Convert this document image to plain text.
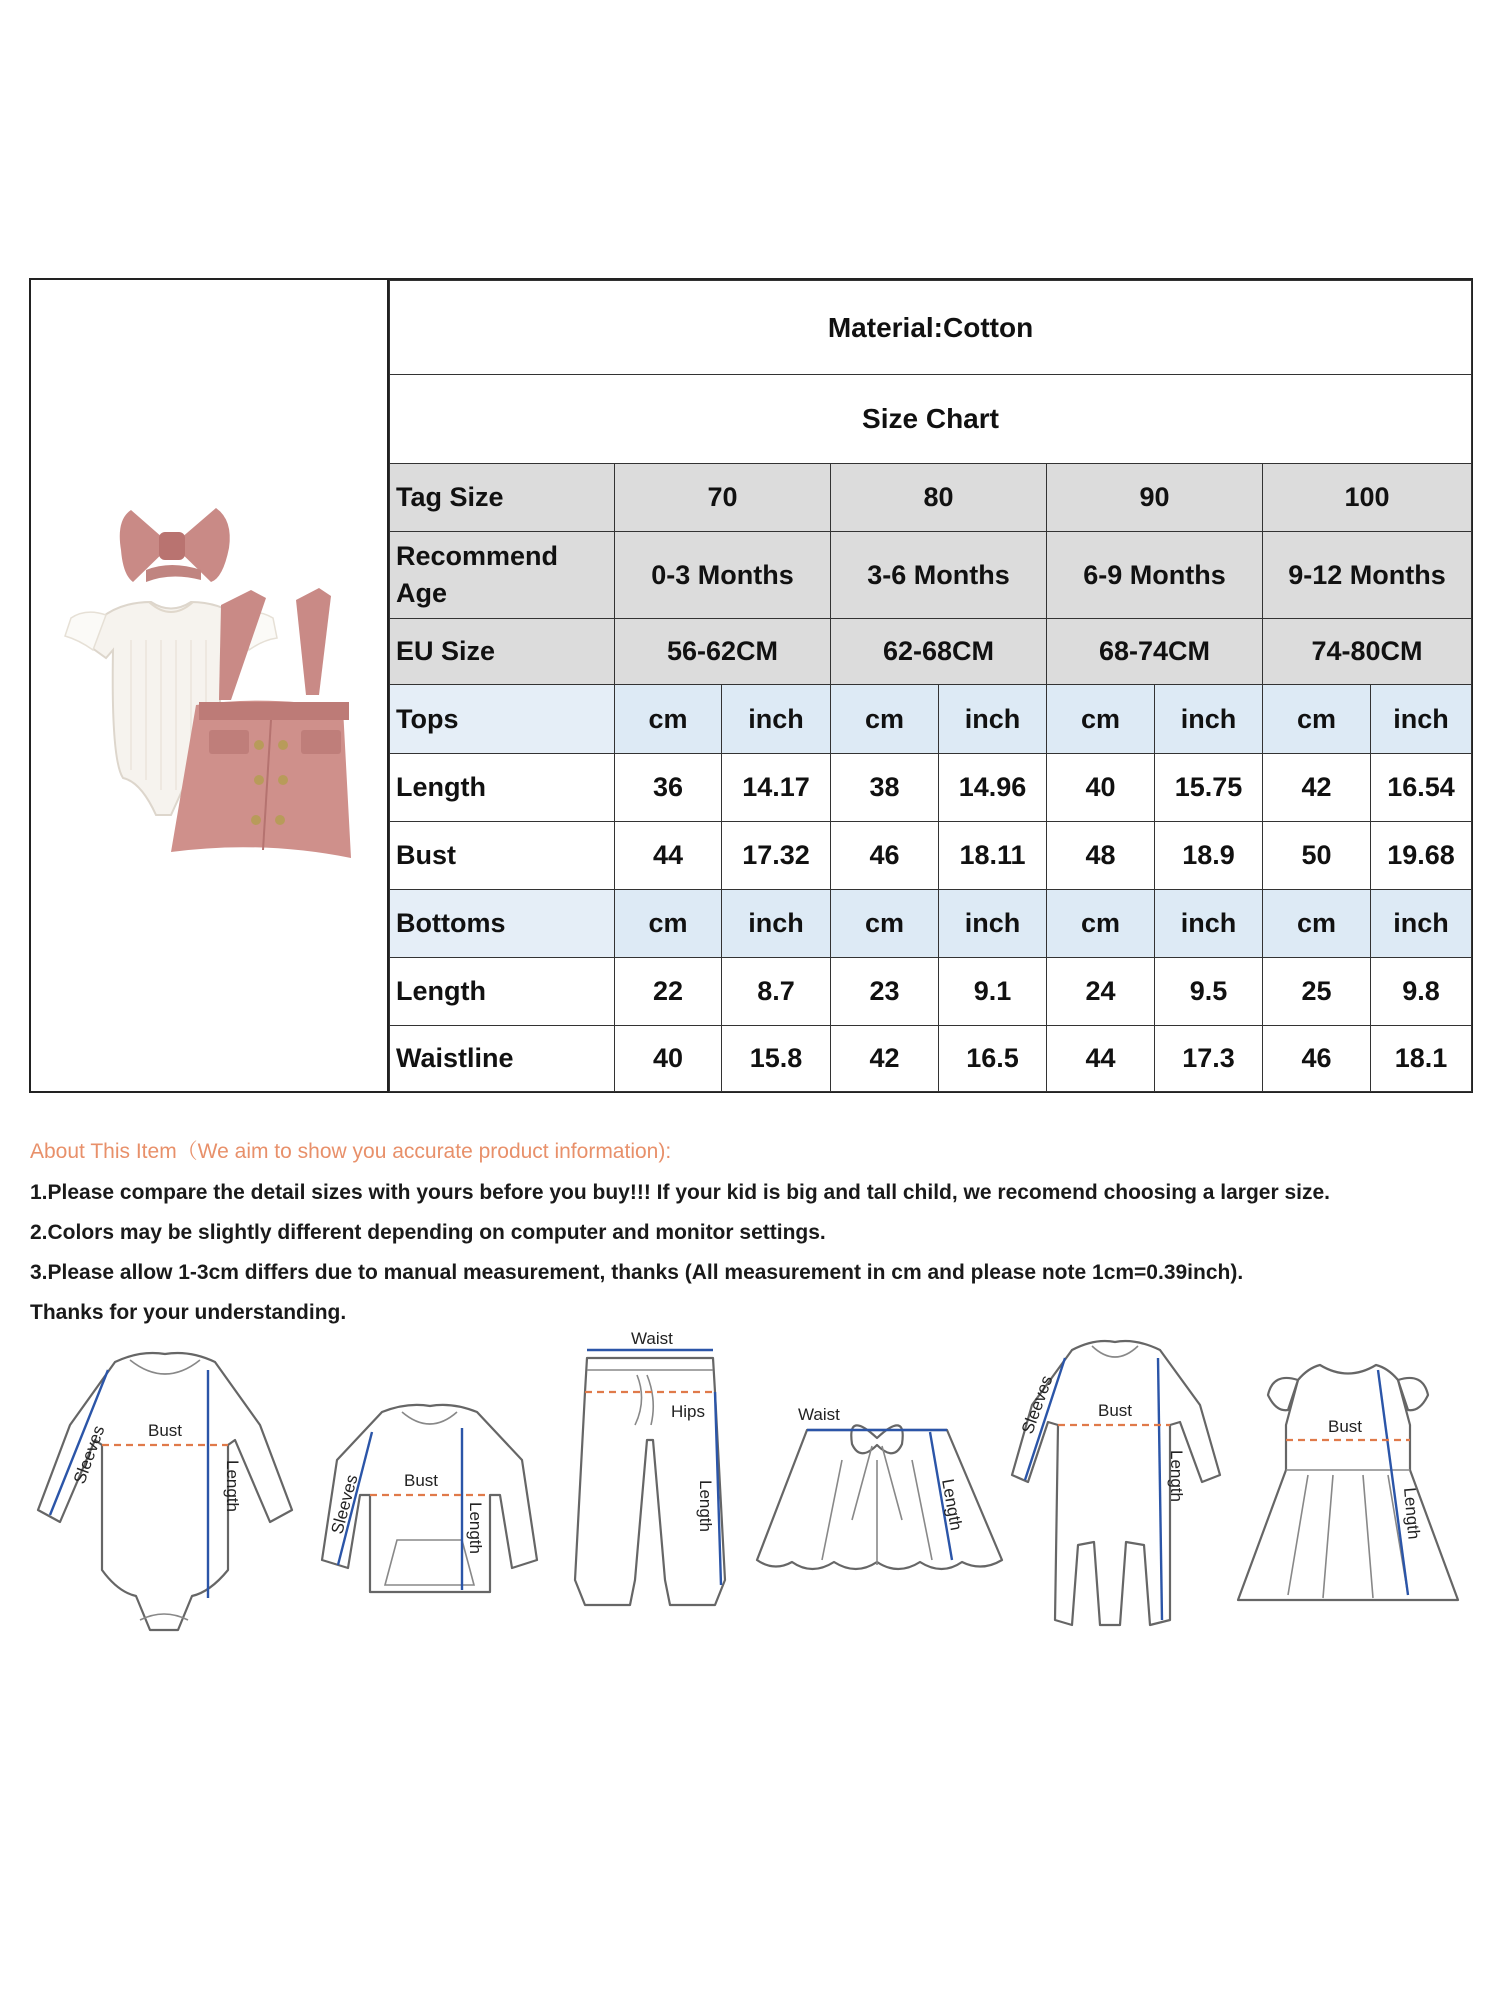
Material:Cotton								
Size Chart								
Tag Size	70		80		90		100	
Recommend Age	0-3 Months		3-6 Months		6-9 Months		9-12 Months	
EU Size	56-62CM		62-68CM		68-74CM		74-80CM	
Tops	cm	inch	cm	inch	cm	inch	cm	inch
Length	36	14.17	38	14.96	40	15.75	42	16.54
Bust	44	17.32	46	18.11	48	18.9	50	19.68
Bottoms	cm	inch	cm	inch	cm	inch	cm	inch
Length	22	8.7	23	9.1	24	9.5	25	9.8
Waistline	40	15.8	42	16.5	44	17.3	46	18.1

About This Item（We aim to show you accurate product information):

1.Please compare the detail sizes with yours before you buy!!! If your kid is big and tall child, we recomend choosing a larger size.

2.Colors may be slightly different depending on computer and monitor settings.

3.Please allow 1-3cm differs due to manual measurement, thanks (All measurement in cm and please note 1cm=0.39inch).

Thanks for your understanding.

Sleeves Bust
Length	Sleeves Bust
Length
Waist
Hips
Length
Waist
Length
Sleeves Bust
Length
Bust
Length
